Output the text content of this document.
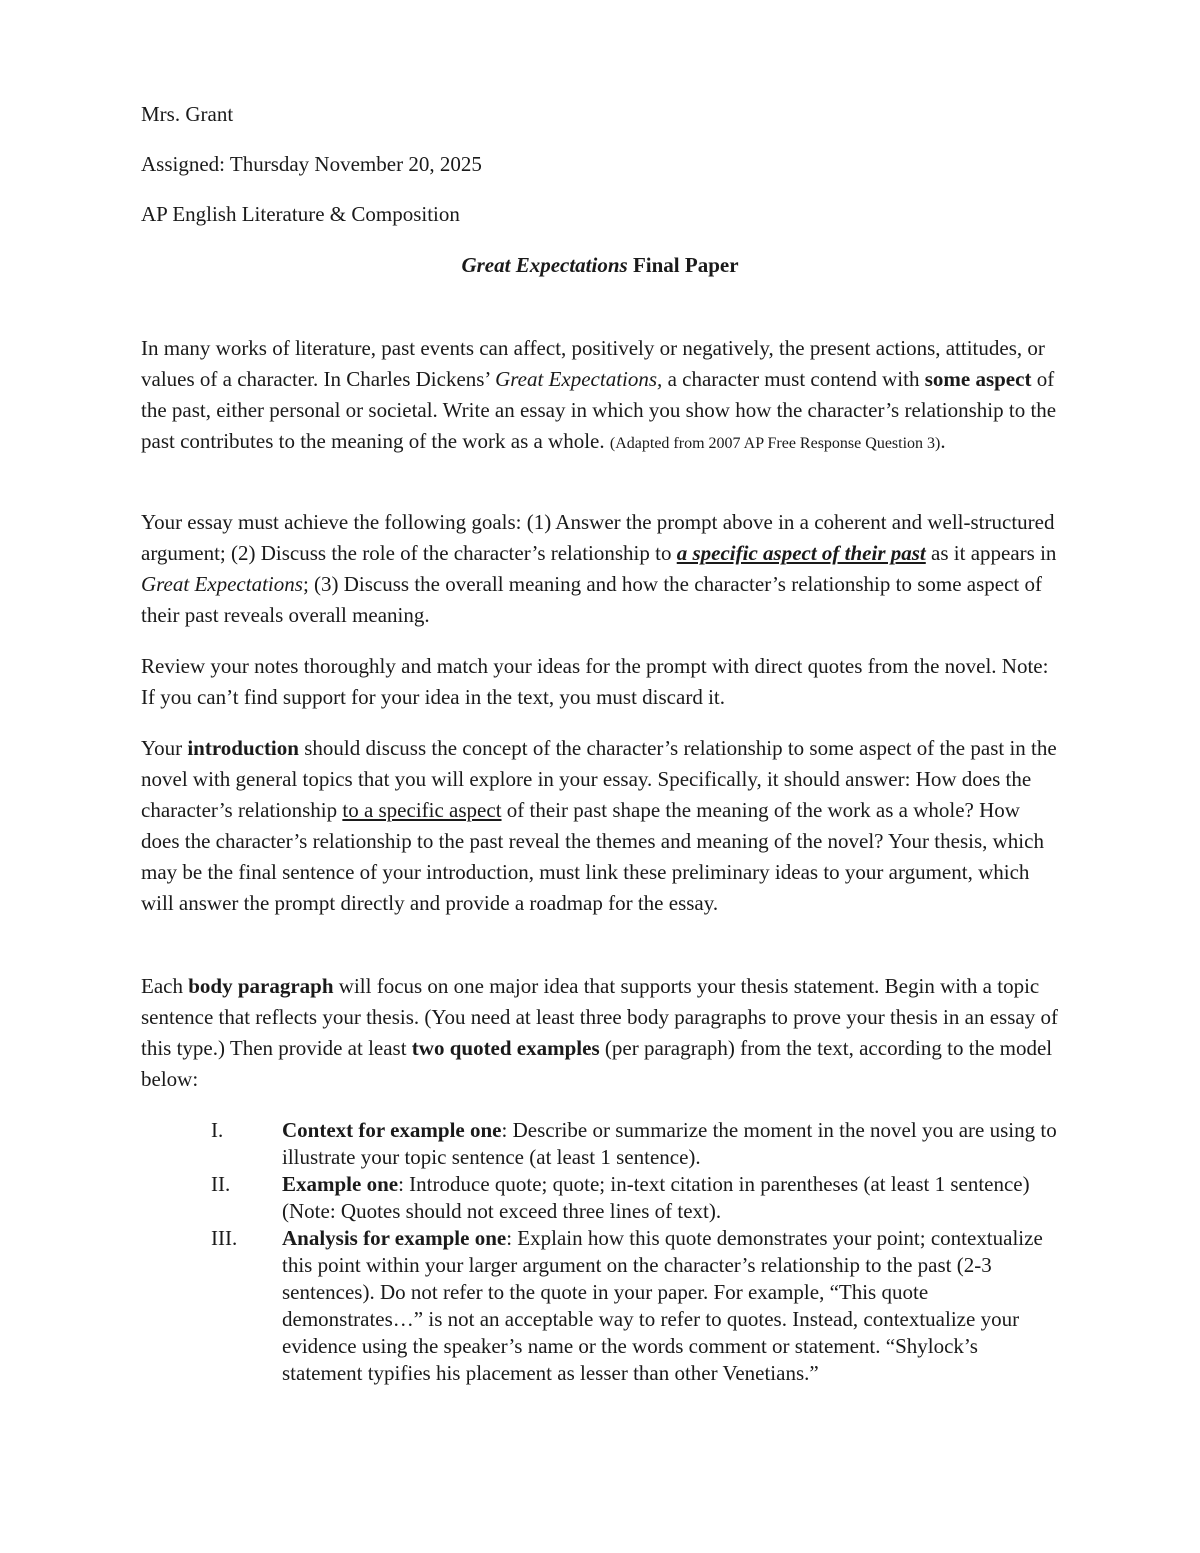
Mrs. Grant

Assigned: Thursday November 20, 2025

AP English Literature & Composition

Great Expectations Final Paper

In many works of literature, past events can affect, positively or negatively, the present actions, attitudes, or values of a character. In Charles Dickens’ Great Expectations, a character must contend with some aspect of the past, either personal or societal. Write an essay in which you show how the character’s relationship to the past contributes to the meaning of the work as a whole. (Adapted from 2007 AP Free Response Question 3).

Your essay must achieve the following goals: (1) Answer the prompt above in a coherent and well-structured argument; (2) Discuss the role of the character’s relationship to a specific aspect of their past as it appears in Great Expectations; (3) Discuss the overall meaning and how the character’s relationship to some aspect of their past reveals overall meaning.

Review your notes thoroughly and match your ideas for the prompt with direct quotes from the novel. Note: If you can’t find support for your idea in the text, you must discard it.

Your introduction should discuss the concept of the character’s relationship to some aspect of the past in the novel with general topics that you will explore in your essay. Specifically, it should answer: How does the character’s relationship to a specific aspect of their past shape the meaning of the work as a whole? How does the character’s relationship to the past reveal the themes and meaning of the novel? Your thesis, which may be the final sentence of your introduction, must link these preliminary ideas to your argument, which will answer the prompt directly and provide a roadmap for the essay.

Each body paragraph will focus on one major idea that supports your thesis statement. Begin with a topic sentence that reflects your thesis. (You need at least three body paragraphs to prove your thesis in an essay of this type.) Then provide at least two quoted examples (per paragraph) from the text, according to the model below:

I.	Context for example one: Describe or summarize the moment in the novel you are using to illustrate your topic sentence (at least 1 sentence).
II.	Example one: Introduce quote; quote; in-text citation in parentheses (at least 1 sentence) (Note: Quotes should not exceed three lines of text).
III.	Analysis for example one: Explain how this quote demonstrates your point; contextualize this point within your larger argument on the character’s relationship to the past (2-3 sentences). Do not refer to the quote in your paper. For example, “This quote demonstrates…” is not an acceptable way to refer to quotes. Instead, contextualize your evidence using the speaker’s name or the words comment or statement. “Shylock’s statement typifies his placement as lesser than other Venetians.”
